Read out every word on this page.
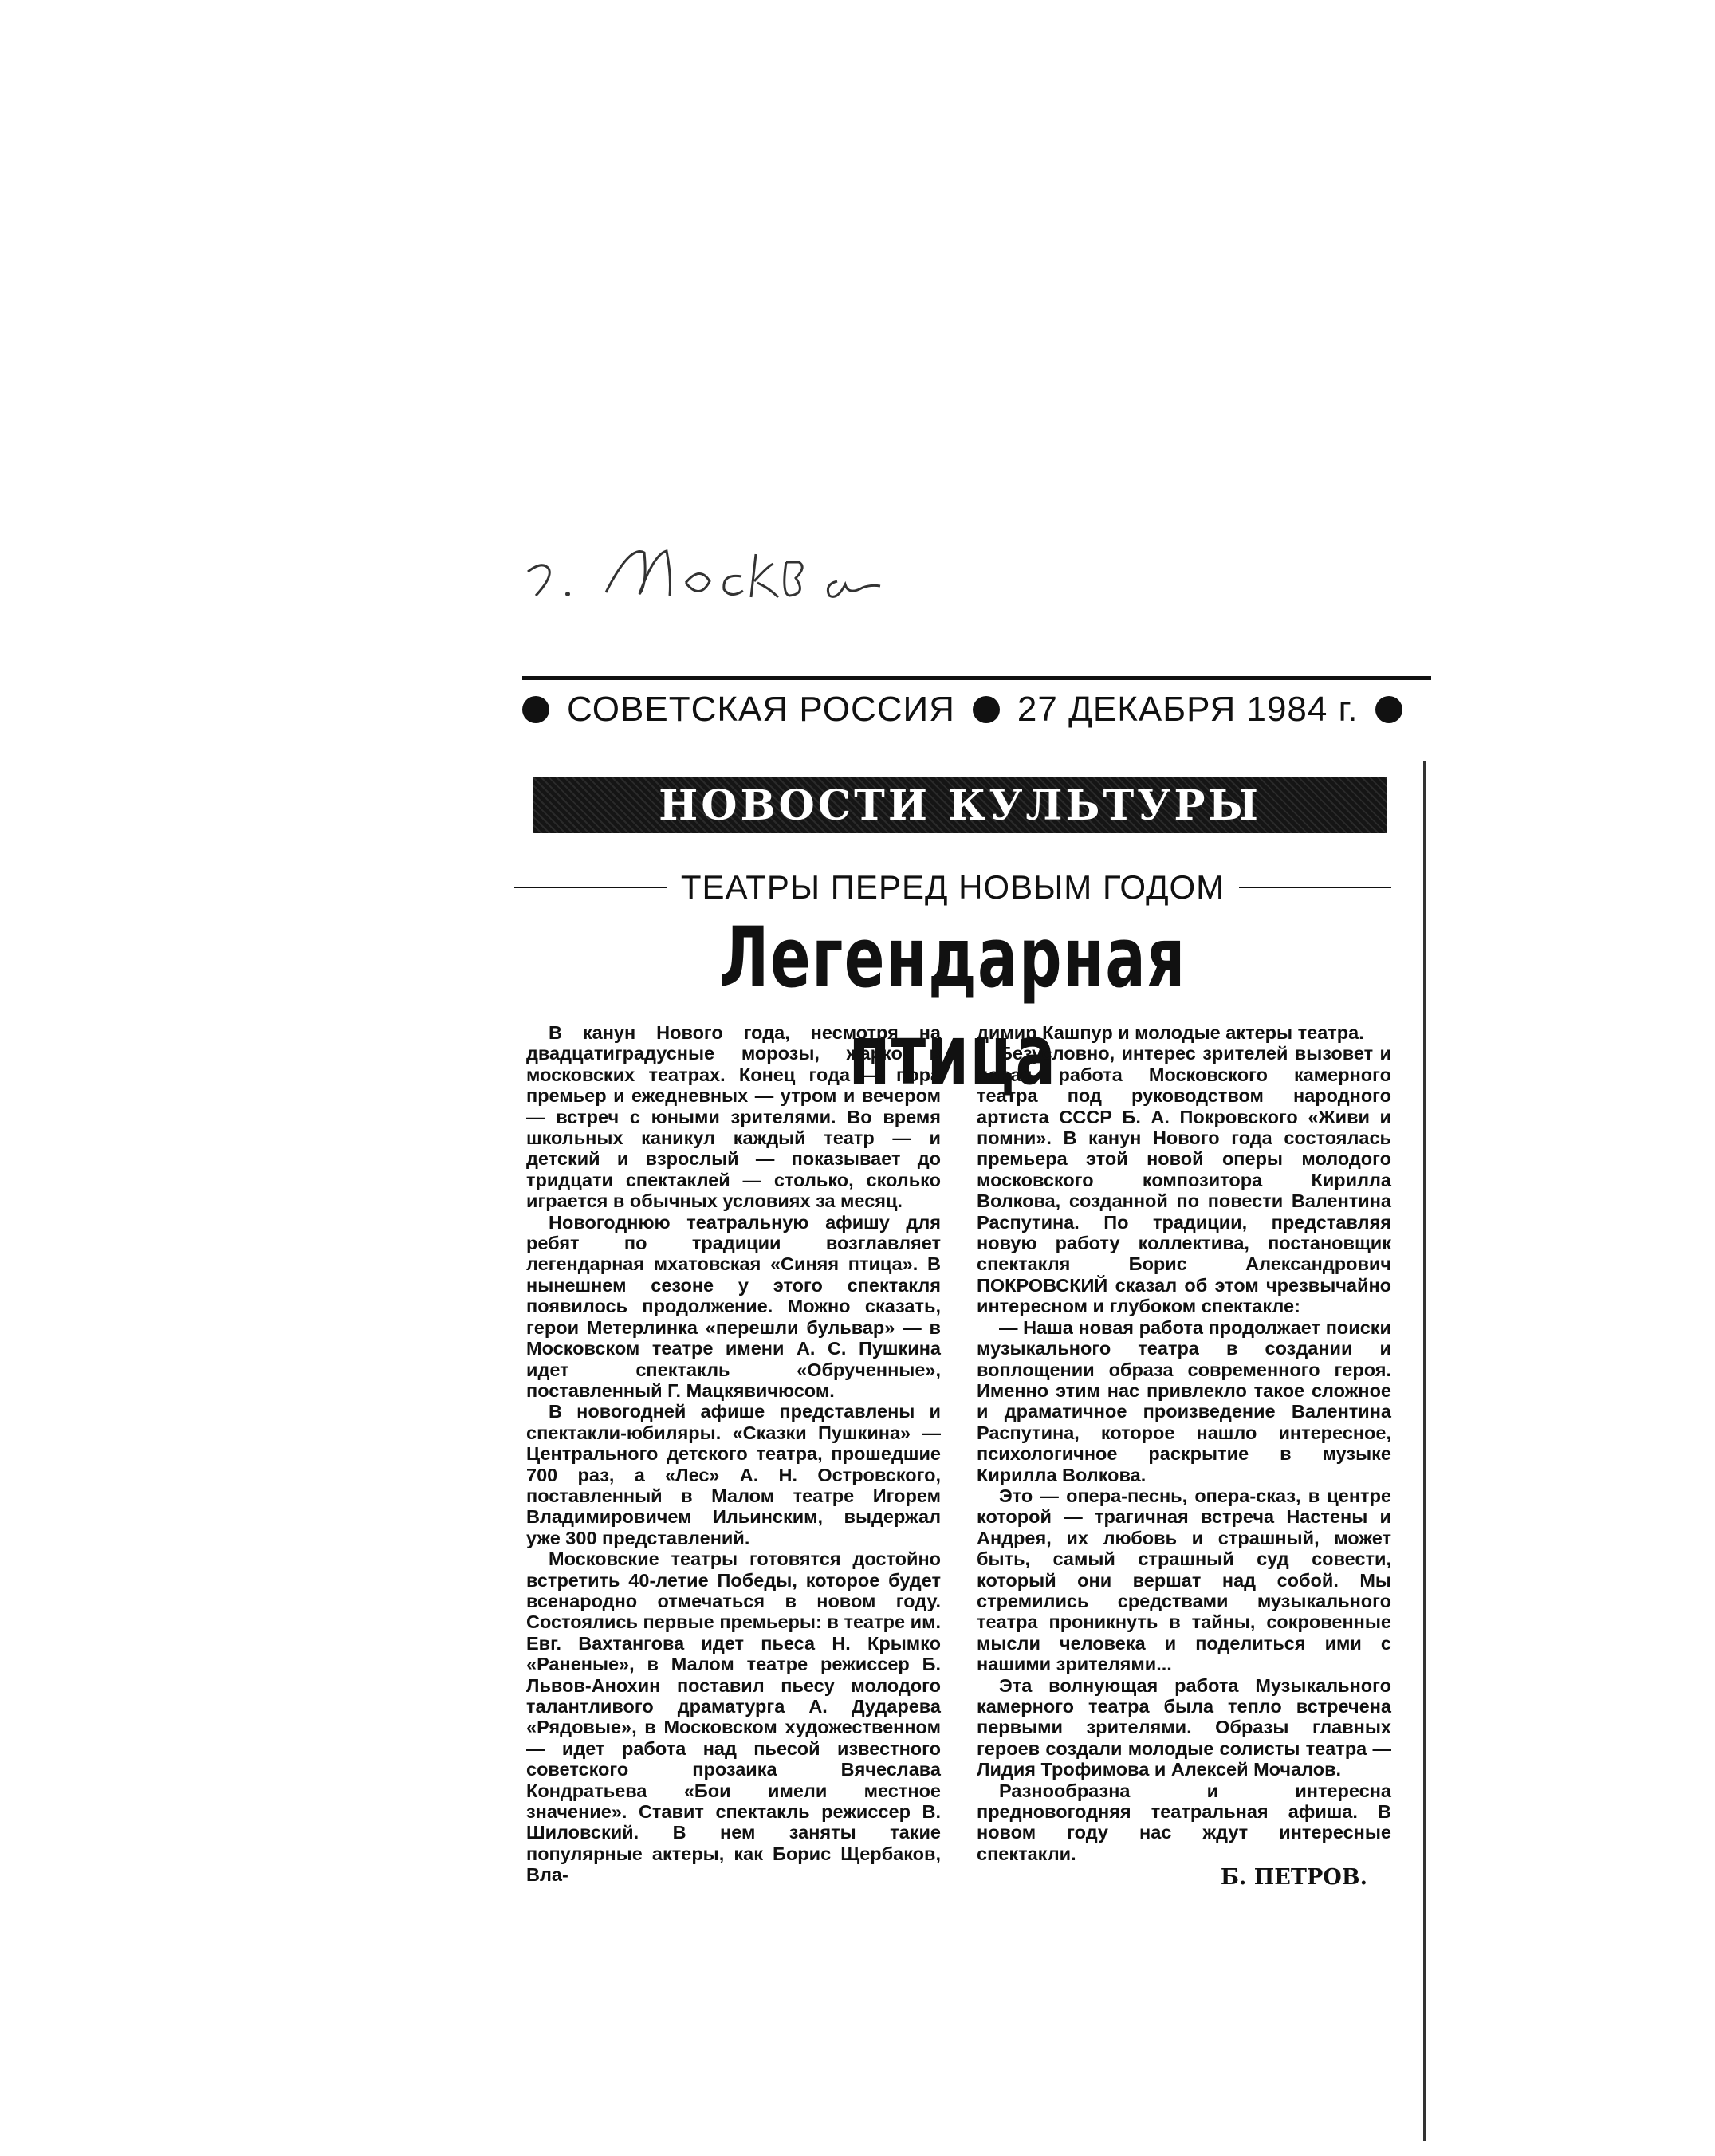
СОВЕТСКАЯ РОССИЯ 27 ДЕКАБРЯ 1984 г.
НОВОСТИ КУЛЬТУРЫ
ТЕАТРЫ ПЕРЕД НОВЫМ ГОДОМ
Легендарная птица

В канун Нового года, несмотря на двадцатиградусные морозы, жарко в московских театрах. Конец года — пора премьер и ежедневных — утром и вечером — встреч с юными зрителями. Во время школьных каникул каждый театр — и детский и взрослый — показывает до тридцати спектаклей — столько, сколько играется в обычных условиях за месяц.

Новогоднюю театральную афишу для ребят по традиции возглавляет легендарная мхатовская «Синяя птица». В нынешнем сезоне у этого спектакля появилось продолжение. Можно сказать, герои Метерлинка «перешли бульвар» — в Московском театре имени А. С. Пушкина идет спектакль «Обрученные», поставленный Г. Мацкявичюсом.

В новогодней афише представлены и спектакли-юбиляры. «Сказки Пушкина» — Центрального детского театра, прошедшие 700 раз, а «Лес» А. Н. Островского, поставленный в Малом театре Игорем Владимировичем Ильинским, выдержал уже 300 представлений.

Московские театры готовятся достойно встретить 40-летие Победы, которое будет всенародно отмечаться в новом году. Состоялись первые премьеры: в театре им. Евг. Вахтангова идет пьеса Н. Крымко «Раненые», в Малом театре режиссер Б. Львов-Анохин поставил пьесу молодого талантливого драматурга А. Дударева «Рядовые», в Московском художественном — идет работа над пьесой известного советского прозаика Вячеслава Кондратьева «Бои имели местное значение». Ставит спектакль режиссер В. Шиловский. В нем заняты такие популярные актеры, как Борис Щербаков, Вла-

димир Кашпур и молодые актеры театра.

Безусловно, интерес зрителей вызовет и новая работа Московского камерного театра под руководством народного артиста СССР Б. А. Покровского «Живи и помни». В канун Нового года состоялась премьера этой новой оперы молодого московского композитора Кирилла Волкова, созданной по повести Валентина Распутина. По традиции, представляя новую работу коллектива, постановщик спектакля Борис Александрович ПОКРОВСКИЙ сказал об этом чрезвычайно интересном и глубоком спектакле:

— Наша новая работа продолжает поиски музыкального театра в создании и воплощении образа современного героя. Именно этим нас привлекло такое сложное и драматичное произведение Валентина Распутина, которое нашло интересное, психологичное раскрытие в музыке Кирилла Волкова.

Это — опера-песнь, опера-сказ, в центре которой — трагичная встреча Настены и Андрея, их любовь и страшный, может быть, самый страшный суд совести, который они вершат над собой. Мы стремились средствами музыкального театра проникнуть в тайны, сокровенные мысли человека и поделиться ими с нашими зрителями...

Эта волнующая работа Музыкального камерного театра была тепло встречена первыми зрителями. Образы главных героев создали молодые солисты театра — Лидия Трофимова и Алексей Мочалов.

Разнообразна и интересна предновогодняя театральная афиша. В новом году нас ждут интересные спектакли.

Б. ПЕТРОВ.
